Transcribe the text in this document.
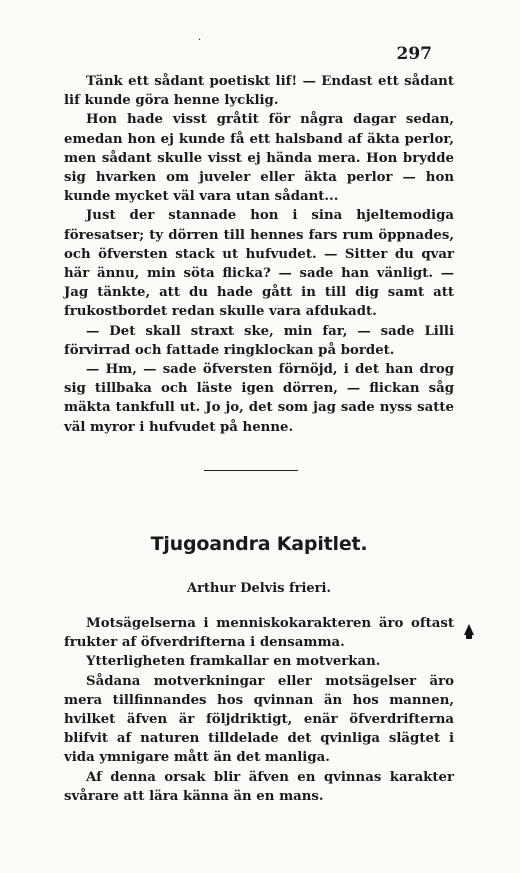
·
297

Tänk ett sådant poetiskt lif! — Endast ett sådant lif kunde göra henne lycklig.

Hon hade visst gråtit för några dagar sedan, emedan hon ej kunde få ett halsband af äkta perlor, men sådant skulle visst ej hända mera. Hon brydde sig hvarken om juveler eller äkta perlor — hon kunde mycket väl vara utan sådant...

Just der stannade hon i sina hjeltemodiga föresatser; ty dörren till hennes fars rum öppnades, och öfversten stack ut hufvudet. — Sitter du qvar här ännu, min söta flicka? — sade han vänligt. — Jag tänkte, att du hade gått in till dig samt att frukostbordet redan skulle vara afdukadt.

— Det skall straxt ske, min far, — sade Lilli förvirrad och fattade ringklockan på bordet.

— Hm, — sade öfversten förnöjd, i det han drog sig tillbaka och läste igen dörren, — flickan såg mäkta tankfull ut. Jo jo, det som jag sade nyss satte väl myror i hufvudet på henne.

Tjugoandra Kapitlet.
Arthur Delvis frieri.

Motsägelserna i menniskokarakteren äro oftast frukter af öfverdrifterna i densamma.

Ytterligheten framkallar en motverkan.

Sådana motverkningar eller motsägelser äro mera tillfinnandes hos qvinnan än hos mannen, hvilket äfven är följdriktigt, enär öfverdrifterna blifvit af naturen tilldelade det qvinliga slägtet i vida ymnigare mått än det manliga.

Af denna orsak blir äfven en qvinnas karakter svårare att lära känna än en mans.
